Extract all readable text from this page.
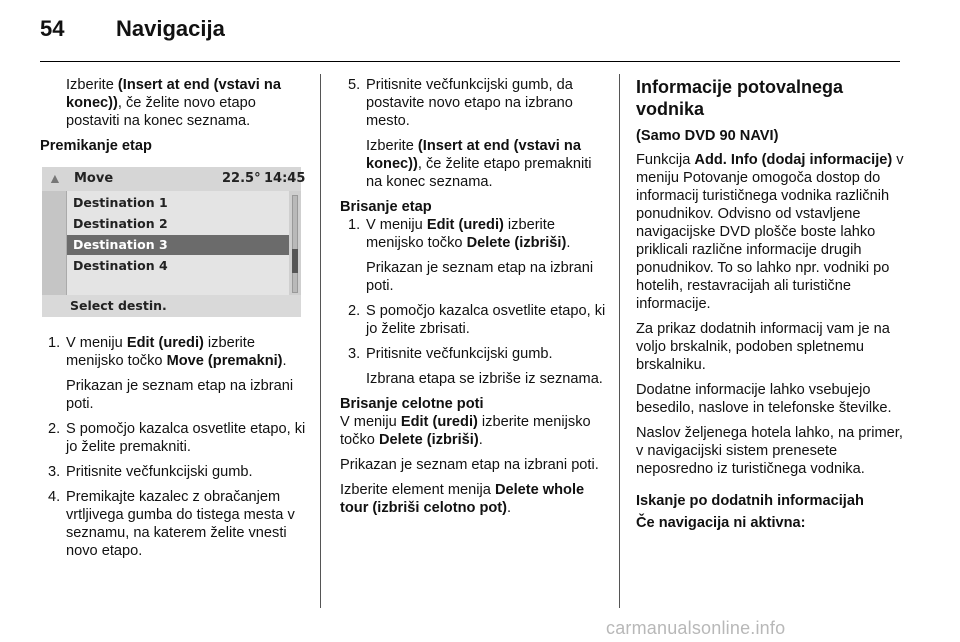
54 Navigacija

Izberite (Insert at end (vstavi na konec)), če želite novo etapo postaviti na konec seznama.

Premikanje etap

▲ Move	22.5° 14:45
Destination 1
Destination 2
Destination 3
Destination 4
Select destin.
1. V meniju Edit (uredi) izberite menijsko točko Move (premakni).
Prikazan je seznam etap na izbrani poti.
2. S pomočjo kazalca osvetlite etapo, ki jo želite premakniti.
3. Pritisnite večfunkcijski gumb.
4. Premikajte kazalec z obračanjem vrtljivega gumba do tistega mesta v seznamu, na katerem želite vnesti novo etapo.
5. Pritisnite večfunkcijski gumb, da postavite novo etapo na izbrano mesto.
Izberite (Insert at end (vstavi na konec)), če želite etapo premakniti na konec seznama.

Brisanje etap

1. V meniju Edit (uredi) izberite menijsko točko Delete (izbriši).
Prikazan je seznam etap na izbrani poti.
2. S pomočjo kazalca osvetlite etapo, ki jo želite zbrisati.
3. Pritisnite večfunkcijski gumb.
Izbrana etapa se izbriše iz seznama.

Brisanje celotne poti

V meniju Edit (uredi) izberite menijsko točko Delete (izbriši).

Prikazan je seznam etap na izbrani poti.

Izberite element menija Delete whole tour (izbriši celotno pot).

Informacije potovalnega vodnika

(Samo DVD 90 NAVI)

Funkcija Add. Info (dodaj informacije) v meniju Potovanje omogoča dostop do informacij turističnega vodnika različnih ponudnikov. Odvisno od vstavljene navigacijske DVD plošče boste lahko priklicali različne informacije drugih ponudnikov. To so lahko npr. vodniki po hotelih, restavracijah ali turistične informacije.

Za prikaz dodatnih informacij vam je na voljo brskalnik, podoben spletnemu brskalniku.

Dodatne informacije lahko vsebujejo besedilo, naslove in telefonske številke.

Naslov željenega hotela lahko, na primer, v navigacijski sistem prenesete neposredno iz turističnega vodnika.

Iskanje po dodatnih informacijah

Če navigacija ni aktivna:

carmanualsonline.info
